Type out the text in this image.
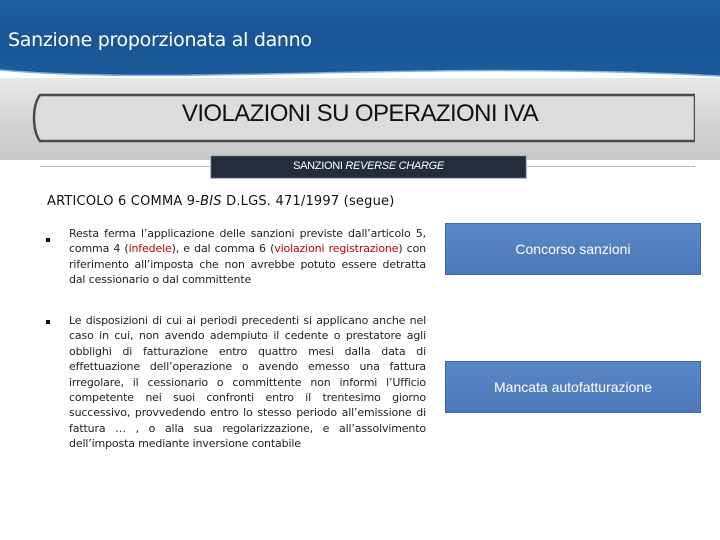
Sanzione proporzionata al danno
VIOLAZIONI SU OPERAZIONI IVA
SANZIONI REVERSE CHARGE
ARTICOLO 6 COMMA 9-BIS D.LGS. 471/1997 (segue)
Resta ferma l’applicazione delle sanzioni previste dall’articolo 5, comma 4 (infedele), e dal comma 6 (violazioni registrazione) con riferimento all’imposta che non avrebbe potuto essere detratta dal cessionario o dal committente
Le disposizioni di cui ai periodi precedenti si applicano anche nel caso in cui, non avendo adempiuto il cedente o prestatore agli obblighi di fatturazione entro quattro mesi dalla data di effettuazione dell’operazione o avendo emesso una fattura irregolare, il cessionario o committente non informi l’Ufficio competente nei suoi confronti entro il trentesimo giorno successivo, provvedendo entro lo stesso periodo all’emissione di fattura … , o alla sua regolarizzazione, e all’assolvimento dell’imposta mediante inversione contabile
Concorso sanzioni
Mancata autofatturazione
